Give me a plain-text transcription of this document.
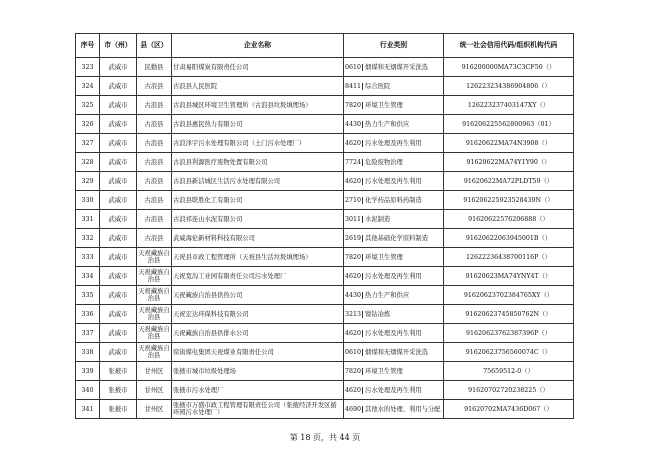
序号	市（州）	县（区）	企业名称	行业类别	统一社会信用代码/组织机构代码
323	武威市	民勤县	甘肃易阳煤炭有限责任公司	0610 烟煤和无烟煤开采洗选	916200000MA73C3CF50（）
324	武威市	古浪县	古浪县人民医院	8411 综合医院	126223234386904806（）
325	武威市	古浪县	古浪县城区环境卫生管理所（古浪县垃圾填埋场）	7820 环境卫生管理	126223237403147XY（）
326	武威市	古浪县	古浪县惠民热力有限公司	4430 热力生产和供应	916206225562800963（01）
327	武威市	古浪县	古浪泽宇污水处理有限公司（土门污水处理厂）	4620 污水处理及再生利用	91620622MA74N3908（）
328	武威市	古浪县	古浪县利源医疗废物处置有限公司	7724 危险废物治理	91620622MA74Y1Y90（）
329	武威市	古浪县	古浪县新洁城区生活污水处理有限公司	4620 污水处理及再生利用	91620622MA72PLDT59（）
330	武威市	古浪县	古浪县联胜化工有限公司	2710 化学药品原料药制造	916206225923528439N（）
331	武威市	古浪县	古浪祁连山水泥有限公司	3011 水泥制造	91620622576206888（）
332	武威市	古浪县	武威海伦新材料科技有限公司	2619 其他基础化学原料制造	91620622063945001B（）
333	武威市	天祝藏族自治县	天祝县市政工程管理所（天祝县生活垃圾填埋场）	7820 环境卫生管理	12622236438700116P（）
334	武威市	天祝藏族自治县	天祝宽沟工业园有限责任公司污水处理厂	4620 污水处理及再生利用	91620623MA74YNY4T（）
335	武威市	天祝藏族自治县	天祝藏族自治县供热公司	4430 热力生产和供应	91620623702384765XY（）
336	武威市	天祝藏族自治县	天祝宏达环保科技有限公司	3213 镍钴冶炼	91620623745850762N（）
337	武威市	天祝藏族自治县	天祝藏族自治县供排水公司	4620 污水处理及再生利用	91620623762387396P（）
338	武威市	天祝藏族自治县	窑街煤电集团天祝煤业有限责任公司	0610 烟煤和无烟煤开采洗选	91620623756560074C（）
339	张掖市	甘州区	张掖市城市垃圾处理场	7820 环境卫生管理	75659512-0（）
340	张掖市	甘州区	张掖市污水处理厂	4620 污水处理及再生利用	91620702720238225（）
341	张掖市	甘州区	张掖市万盛市政工程管理有限责任公司（张掖经济开发区循环园污水处理厂）	4690 其他水的处理、利用与分配	91620702MA7436D067（）
第 18 页，共 44 页
